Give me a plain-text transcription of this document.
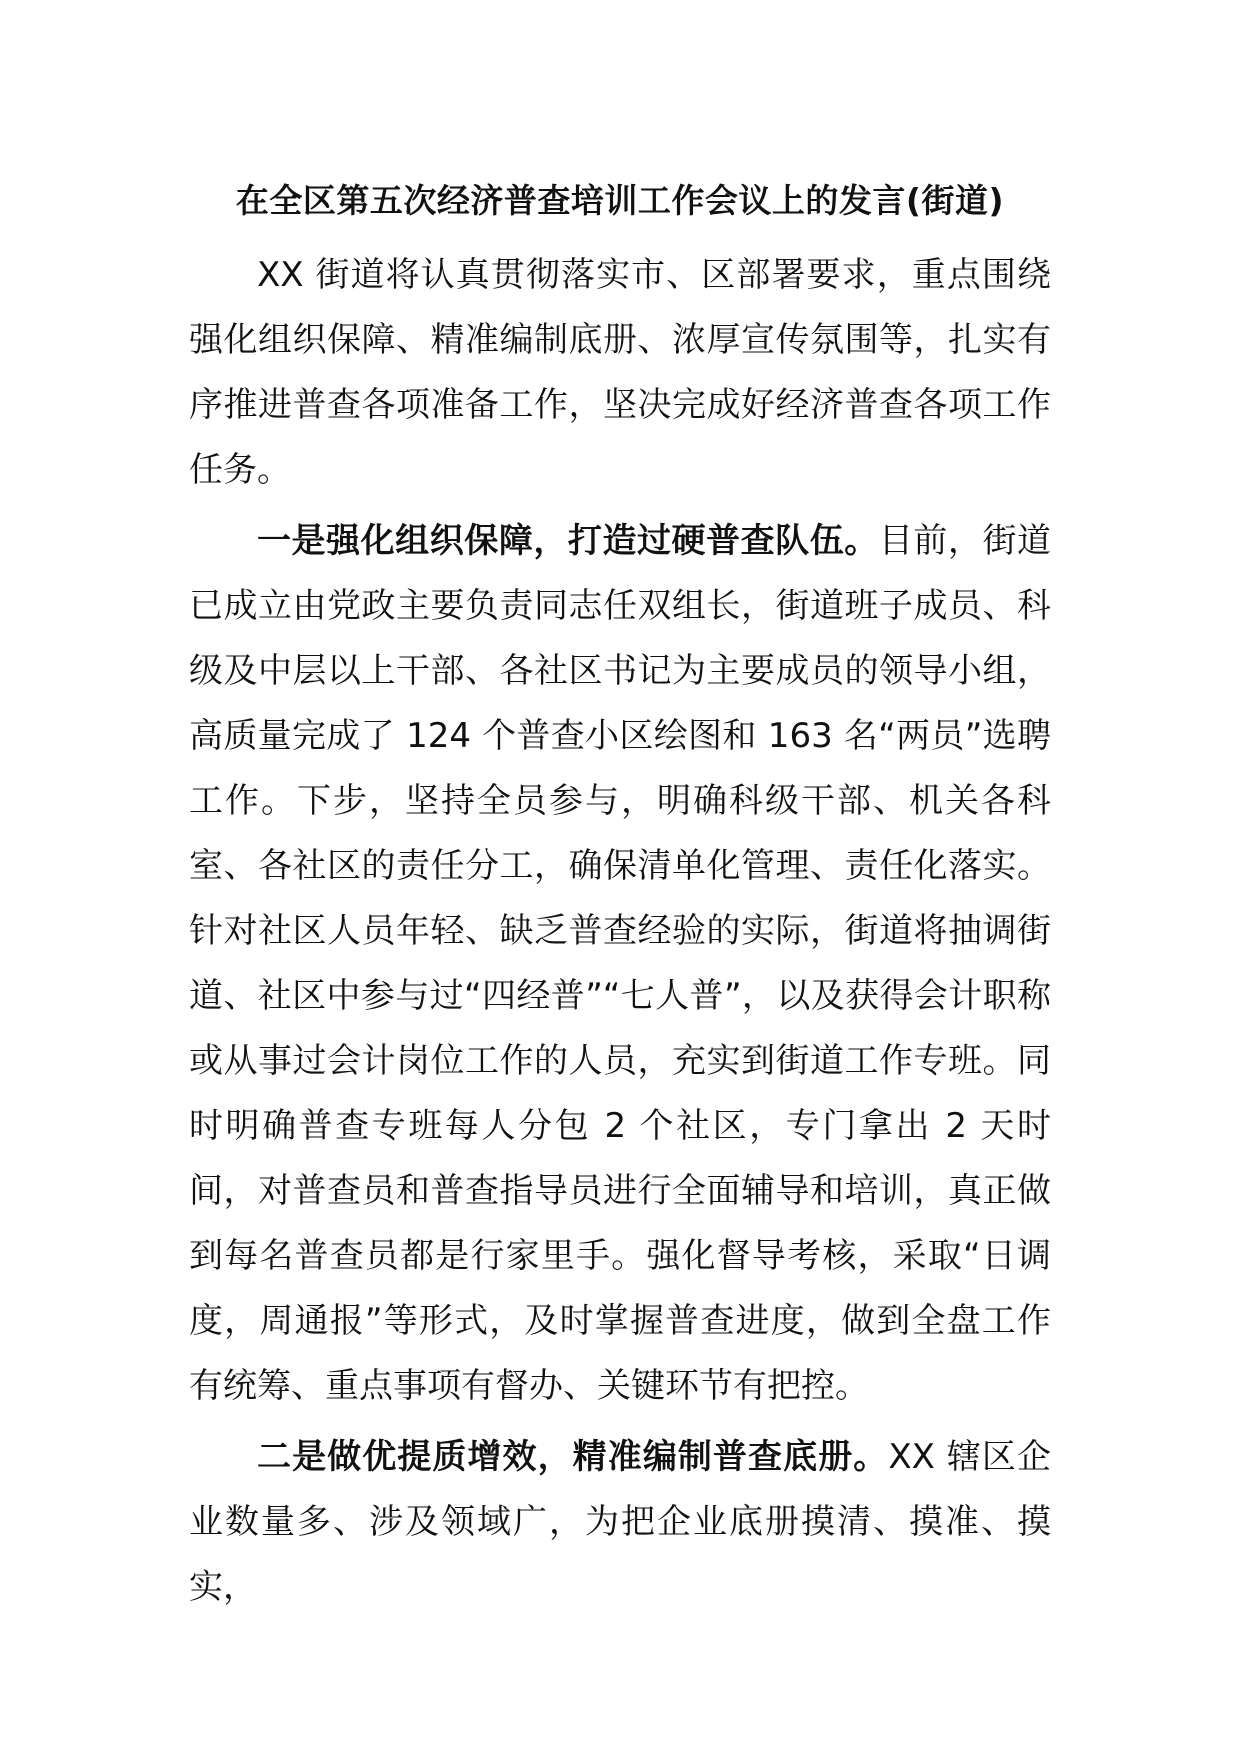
在全区第五次经济普查培训工作会议上的发言(街道)

XX 街道将认真贯彻落实市、区部署要求，重点围绕强化组织保障、精准编制底册、浓厚宣传氛围等，扎实有序推进普查各项准备工作，坚决完成好经济普查各项工作任务。

一是强化组织保障，打造过硬普查队伍。目前，街道已成立由党政主要负责同志任双组长，街道班子成员、科级及中层以上干部、各社区书记为主要成员的领导小组，高质量完成了 124 个普查小区绘图和 163 名“两员”选聘工作。下步，坚持全员参与，明确科级干部、机关各科室、各社区的责任分工，确保清单化管理、责任化落实。针对社区人员年轻、缺乏普查经验的实际，街道将抽调街道、社区中参与过“四经普”“七人普”，以及获得会计职称或从事过会计岗位工作的人员，充实到街道工作专班。同时明确普查专班每人分包 2 个社区，专门拿出 2 天时间，对普查员和普查指导员进行全面辅导和培训，真正做到每名普查员都是行家里手。强化督导考核，采取“日调度，周通报”等形式，及时掌握普查进度，做到全盘工作有统筹、重点事项有督办、关键环节有把控。

二是做优提质增效，精准编制普查底册。XX 辖区企业数量多、涉及领域广，为把企业底册摸清、摸准、摸实，
